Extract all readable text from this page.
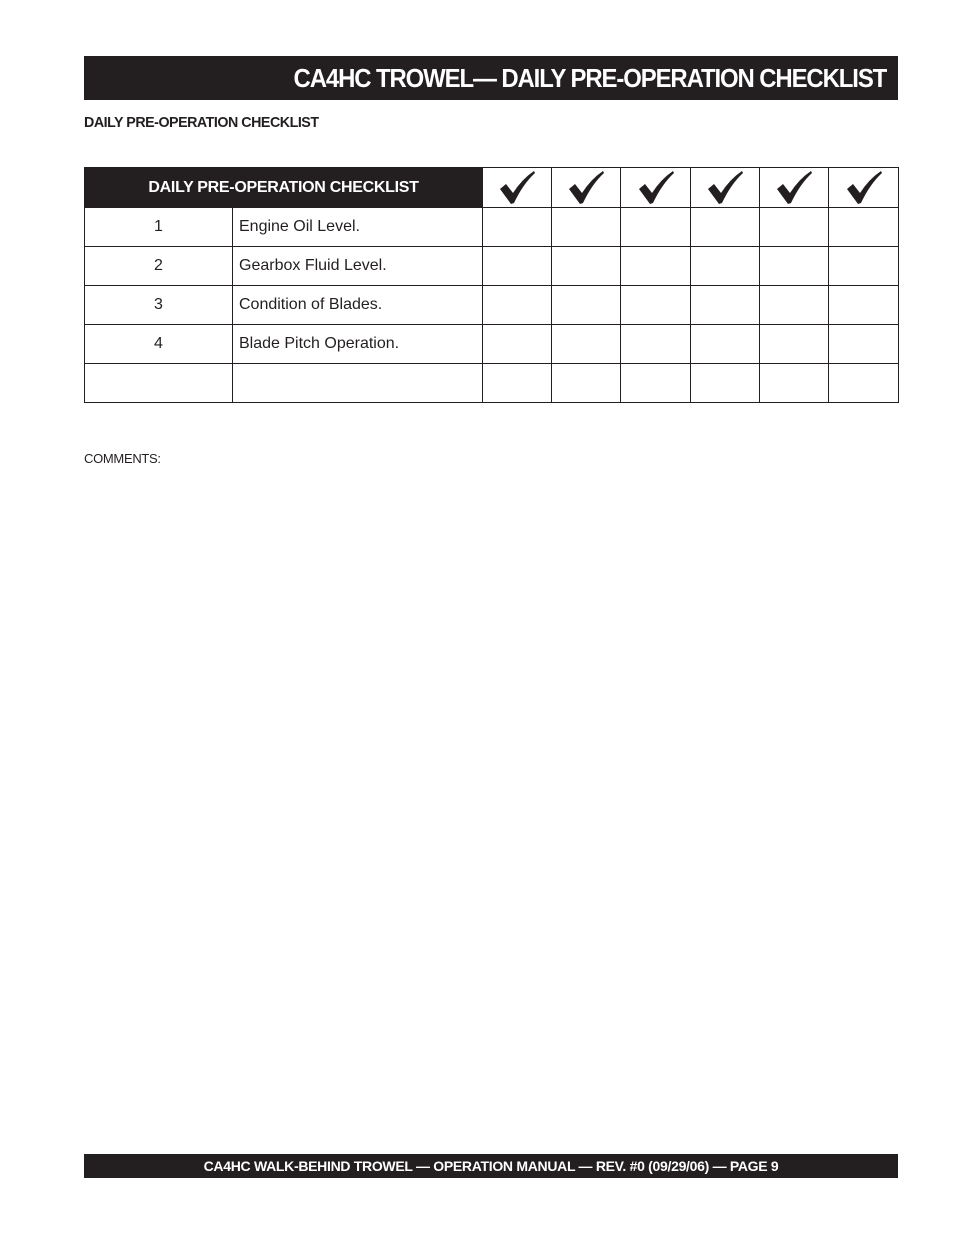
CA4HC TROWEL— DAILY PRE-OPERATION CHECKLIST
DAILY PRE-OPERATION CHECKLIST
DAILY PRE-OPERATION CHECKLIST	

1	Engine Oil Level.						
2	Gearbox Fluid Level.						
3	Condition of Blades.						
4	Blade Pitch Operation.						

COMMENTS:
CA4HC WALK-BEHIND TROWEL — OPERATION MANUAL — REV. #0 (09/29/06) — PAGE 9
